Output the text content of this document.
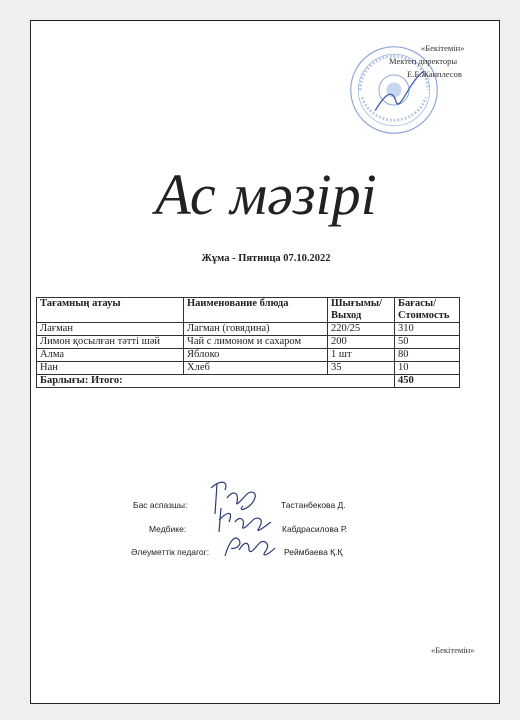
«Бекітемін»
Мектеп директоры
Е.Б.Жанплесов
Ас мәзірі
Жұма - Пятница 07.10.2022
Тағамның атауы	Наименование блюда	Шығымы/ Выход	Бағасы/ Стоимость
Лағман	Лагман (говядина)	220/25	310
Лимон қосылған тәтті шәй	Чай с лимоном и сахаром	200	50
Алма	Яблоко	1 шт	80
Нан	Хлеб	35	10
Барлығы: Итого:			450
Бас аспазшы:	Тастанбекова Д.
Медбике:	Кабдрасилова Р.
Әлеуметтік педагог:	Реймбаева Қ.Қ
«Бекітемін»
